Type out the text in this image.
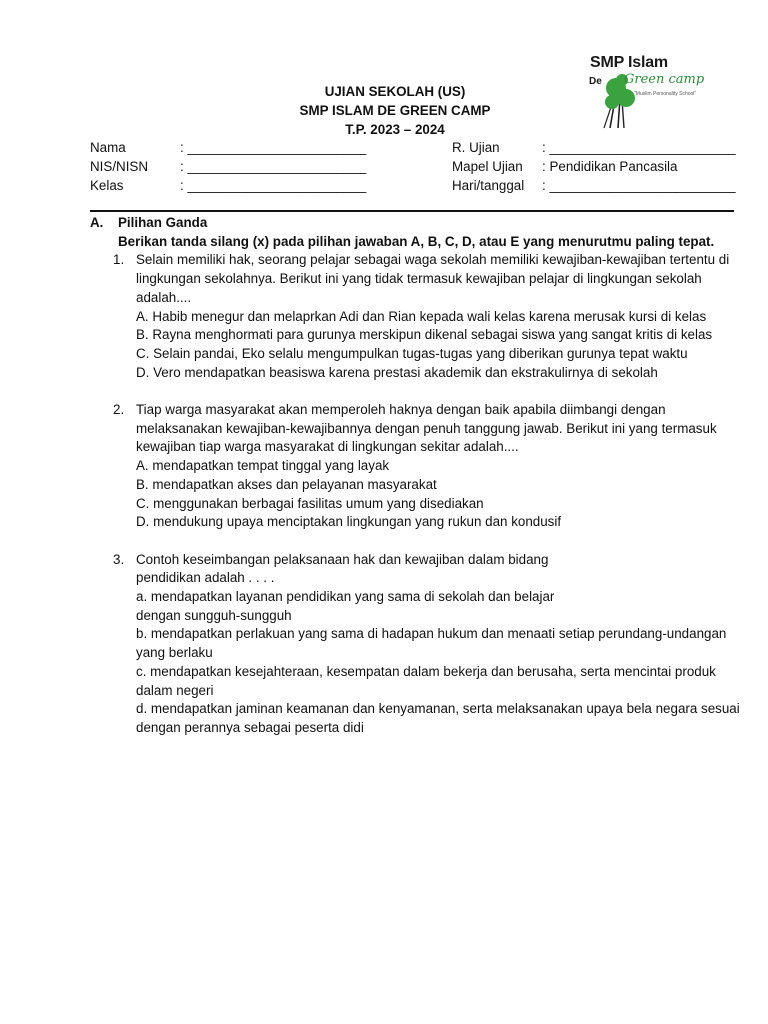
SMP Islam
De Green camp
"Muslim Personality School"
UJIAN SEKOLAH (US)
SMP ISLAM DE GREEN CAMP
T.P. 2023 – 2024
Nama	: ________________________
NIS/NISN : ________________________
Kelas	: ________________________
R. Ujian	: _________________________
Mapel Ujian : Pendidikan Pancasila
Hari/tanggal : _________________________
A.	Pilihan Ganda
Berikan tanda silang (x) pada pilihan jawaban A, B, C, D, atau E yang menurutmu paling tepat.
1. Selain memiliki hak, seorang pelajar sebagai waga sekolah memiliki kewajiban-kewajiban tertentu di lingkungan sekolahnya. Berikut ini yang tidak termasuk kewajiban pelajar di lingkungan sekolah adalah....
A. Habib menegur dan melaprkan Adi dan Rian kepada wali kelas karena merusak kursi di kelas
B. Rayna menghormati para gurunya merskipun dikenal sebagai siswa yang sangat kritis di kelas
C. Selain pandai, Eko selalu mengumpulkan tugas-tugas yang diberikan gurunya tepat waktu
D. Vero mendapatkan beasiswa karena prestasi akademik dan ekstrakulirnya di sekolah
2. Tiap warga masyarakat akan memperoleh haknya dengan baik apabila diimbangi dengan melaksanakan kewajiban-kewajibannya dengan penuh tanggung jawab. Berikut ini yang termasuk kewajiban tiap warga masyarakat di lingkungan sekitar adalah....
A. mendapatkan tempat tinggal yang layak
B. mendapatkan akses dan pelayanan masyarakat
C. menggunakan berbagai fasilitas umum yang disediakan
D. mendukung upaya menciptakan lingkungan yang rukun dan kondusif
3. Contoh keseimbangan pelaksanaan hak dan kewajiban dalam bidang pendidikan adalah . . . .
a. mendapatkan layanan pendidikan yang sama di sekolah dan belajar dengan sungguh-sungguh
b. mendapatkan perlakuan yang sama di hadapan hukum dan menaati setiap perundang-undangan yang berlaku
c. mendapatkan kesejahteraan, kesempatan dalam bekerja dan berusaha, serta mencintai produk dalam negeri
d. mendapatkan jaminan keamanan dan kenyamanan, serta melaksanakan upaya bela negara sesuai dengan perannya sebagai peserta didi
